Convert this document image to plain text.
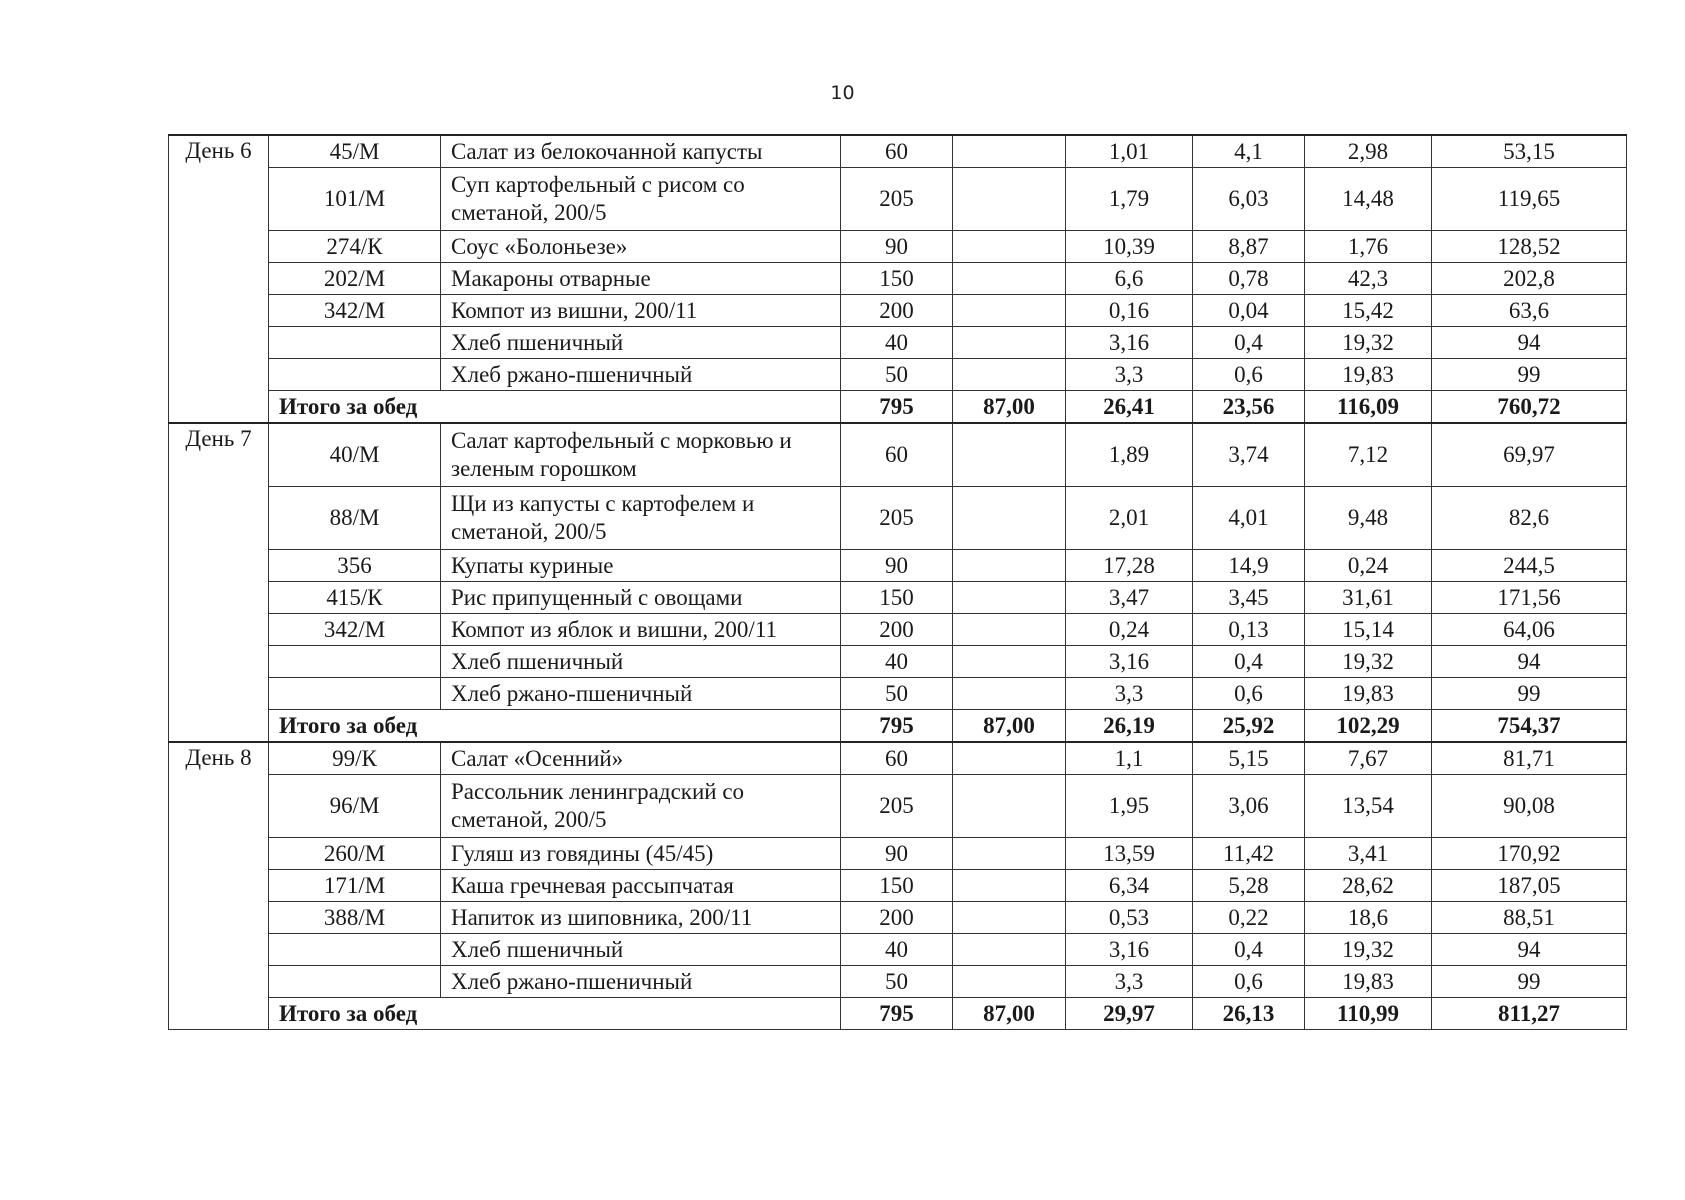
10
День 6	45/М	Салат из белокочанной капусты	60		1,01	4,1	2,98	53,15
	101/М	Суп картофельный с рисом со сметаной, 200/5	205		1,79	6,03	14,48	119,65
	274/К	Соус «Болоньезе»	90		10,39	8,87	1,76	128,52
	202/М	Макароны отварные	150		6,6	0,78	42,3	202,8
	342/М	Компот из вишни, 200/11	200		0,16	0,04	15,42	63,6
		Хлеб пшеничный	40		3,16	0,4	19,32	94
		Хлеб ржано-пшеничный	50		3,3	0,6	19,83	99
	Итого за обед		795	87,00	26,41	23,56	116,09	760,72
День 7	40/М	Салат картофельный с морковью и зеленым горошком	60		1,89	3,74	7,12	69,97
	88/М	Щи из капусты с картофелем и сметаной, 200/5	205		2,01	4,01	9,48	82,6
	356	Купаты куриные	90		17,28	14,9	0,24	244,5
	415/К	Рис припущенный с овощами	150		3,47	3,45	31,61	171,56
	342/М	Компот из яблок и вишни, 200/11	200		0,24	0,13	15,14	64,06
		Хлеб пшеничный	40		3,16	0,4	19,32	94
		Хлеб ржано-пшеничный	50		3,3	0,6	19,83	99
	Итого за обед		795	87,00	26,19	25,92	102,29	754,37
День 8	99/К	Салат «Осенний»	60		1,1	5,15	7,67	81,71
	96/М	Рассольник ленинградский со сметаной, 200/5	205		1,95	3,06	13,54	90,08
	260/М	Гуляш из говядины (45/45)	90		13,59	11,42	3,41	170,92
	171/М	Каша гречневая рассыпчатая	150		6,34	5,28	28,62	187,05
	388/М	Напиток из шиповника, 200/11	200		0,53	0,22	18,6	88,51
		Хлеб пшеничный	40		3,16	0,4	19,32	94
		Хлеб ржано-пшеничный	50		3,3	0,6	19,83	99
	Итого за обед		795	87,00	29,97	26,13	110,99	811,27
